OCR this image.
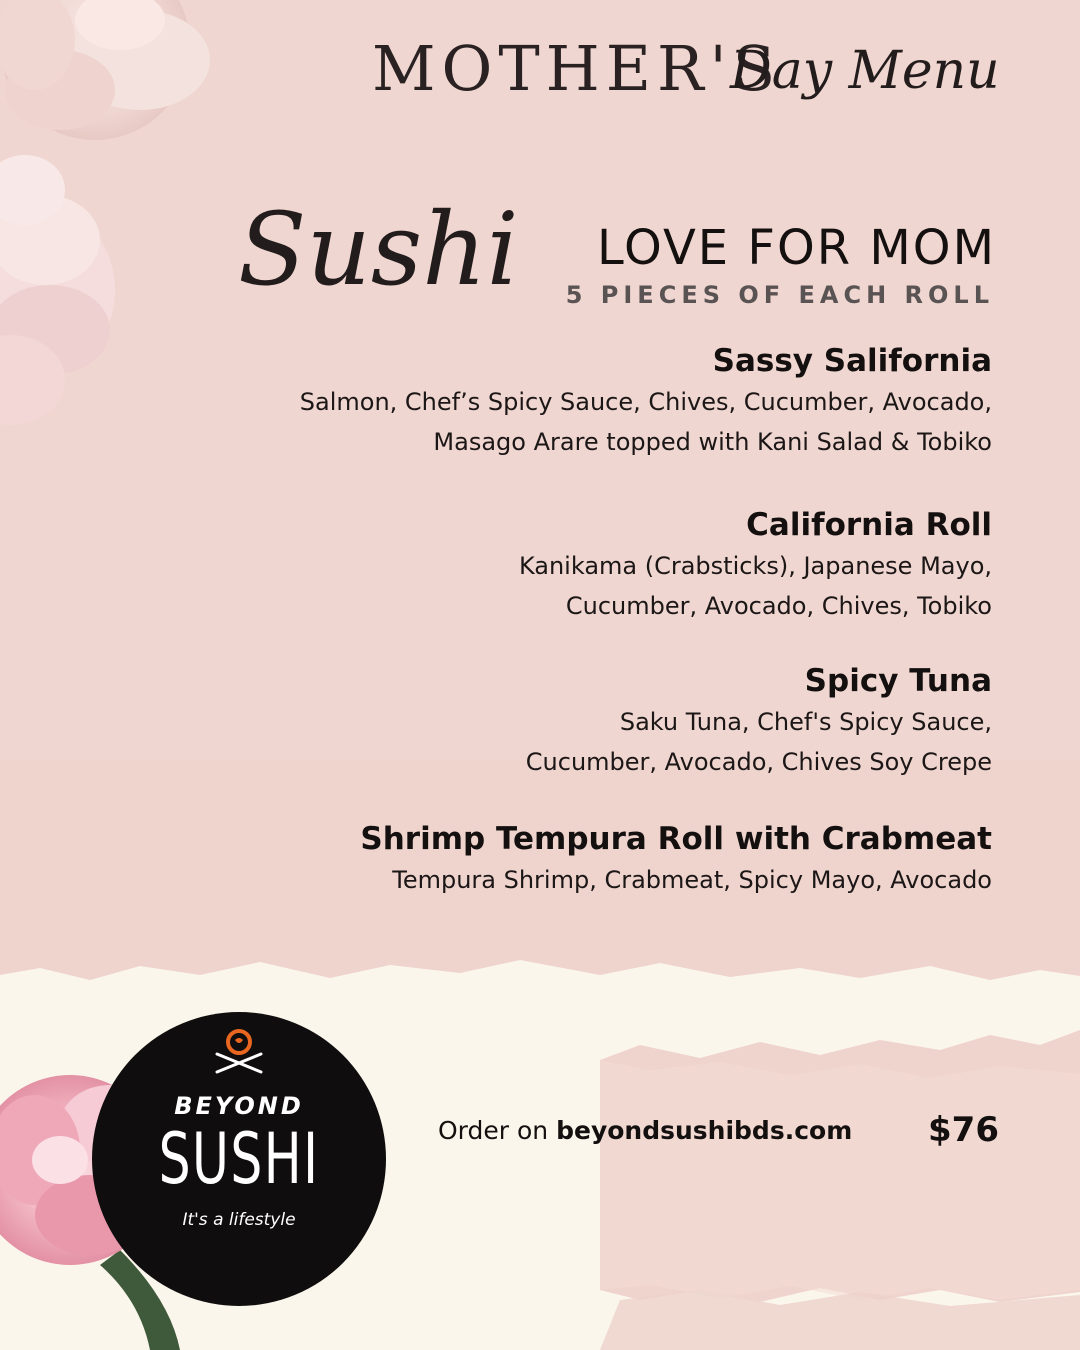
MOTHER'S
Day Menu
Sushi LOVE FOR MOM
5 PIECES OF EACH ROLL
Sassy Salifornia
Salmon, Chef’s Spicy Sauce, Chives, Cucumber, Avocado,
Masago Arare topped with Kani Salad & Tobiko
California Roll
Kanikama (Crabsticks), Japanese Mayo,
Cucumber, Avocado, Chives, Tobiko
Spicy Tuna
Saku Tuna, Chef's Spicy Sauce,
Cucumber, Avocado, Chives Soy Crepe
Shrimp Tempura Roll with Crabmeat
Tempura Shrimp, Crabmeat, Spicy Mayo, Avocado
BEYOND
SUSHI
It's a lifestyle
Order on beyondsushibds.com $76
